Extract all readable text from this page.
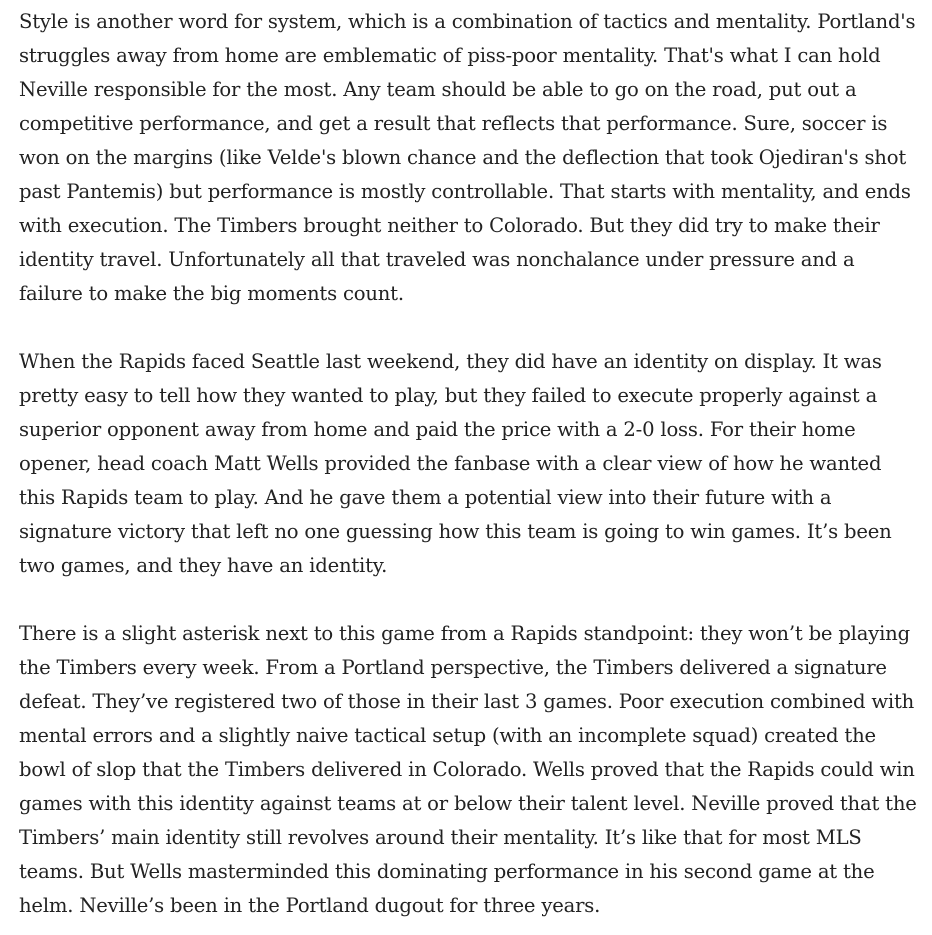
Style is another word for system, which is a combination of tactics and mentality. Portland's struggles away from home are emblematic of piss-poor mentality. That's what I can hold Neville responsible for the most. Any team should be able to go on the road, put out a competitive performance, and get a result that reflects that performance. Sure, soccer is won on the margins (like Velde's blown chance and the deflection that took Ojediran's shot past Pantemis) but performance is mostly controllable. That starts with mentality, and ends with execution. The Timbers brought neither to Colorado. But they did try to make their identity travel. Unfortunately all that traveled was nonchalance under pressure and a failure to make the big moments count.

When the Rapids faced Seattle last weekend, they did have an identity on display. It was pretty easy to tell how they wanted to play, but they failed to execute properly against a superior opponent away from home and paid the price with a 2-0 loss. For their home opener, head coach Matt Wells provided the fanbase with a clear view of how he wanted this Rapids team to play. And he gave them a potential view into their future with a signature victory that left no one guessing how this team is going to win games. It’s been two games, and they have an identity.

There is a slight asterisk next to this game from a Rapids standpoint: they won’t be playing the Timbers every week. From a Portland perspective, the Timbers delivered a signature defeat. They’ve registered two of those in their last 3 games. Poor execution combined with mental errors and a slightly naive tactical setup (with an incomplete squad) created the bowl of slop that the Timbers delivered in Colorado. Wells proved that the Rapids could win games with this identity against teams at or below their talent level. Neville proved that the Timbers’ main identity still revolves around their mentality. It’s like that for most MLS teams. But Wells masterminded this dominating performance in his second game at the helm. Neville’s been in the Portland dugout for three years.
